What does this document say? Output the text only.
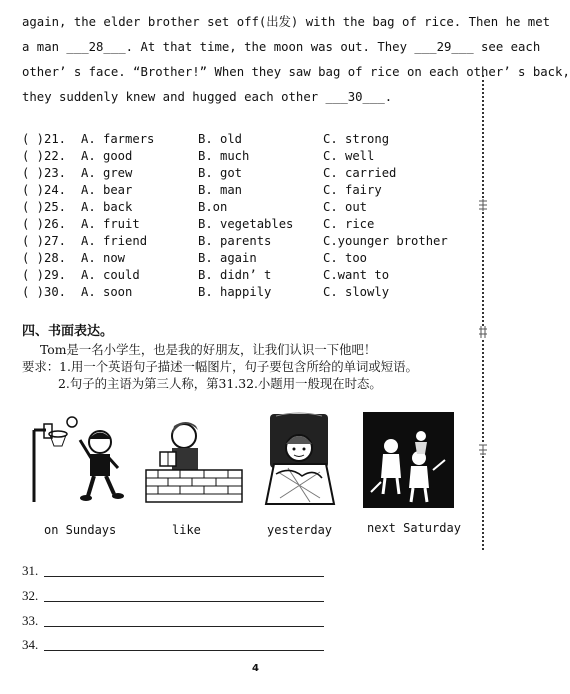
again, the elder brother set off(出发) with the bag of rice. Then he met

a man ___28___. At that time, the moon was out. They ___29___ see each

other’ s face. “Brother!” When they saw bag of rice on each other’ s back,

they suddenly knew and hugged each other ___30___.

( )21. A. farmers	B. old	C. strong
( )22. A. good	B. much	C. well
( )23. A. grew	B. got	C. carried
( )24. A. bear	B. man	C. fairy
( )25. A. back	B.on	C. out
( )26. A. fruit	B. vegetables C. rice
( )27. A. friend	B. parents	C.younger brother
( )28. A. now	B. again	C. too
( )29. A. could	B. didn’ t	C.want to
( )30. A. soon	B. happily	C. slowly
四、书面表达。
Tom是一名小学生，也是我的好朋友，让我们认识一下他吧！
要求：1.用一个英语句子描述一幅图片，句子要包含所给的单词或短语。
2.句子的主语为第三人称，第31.32.小题用一般现在时态。
on Sundays	like	yesterday	next Saturday
31.
32.
33.
34.
4
